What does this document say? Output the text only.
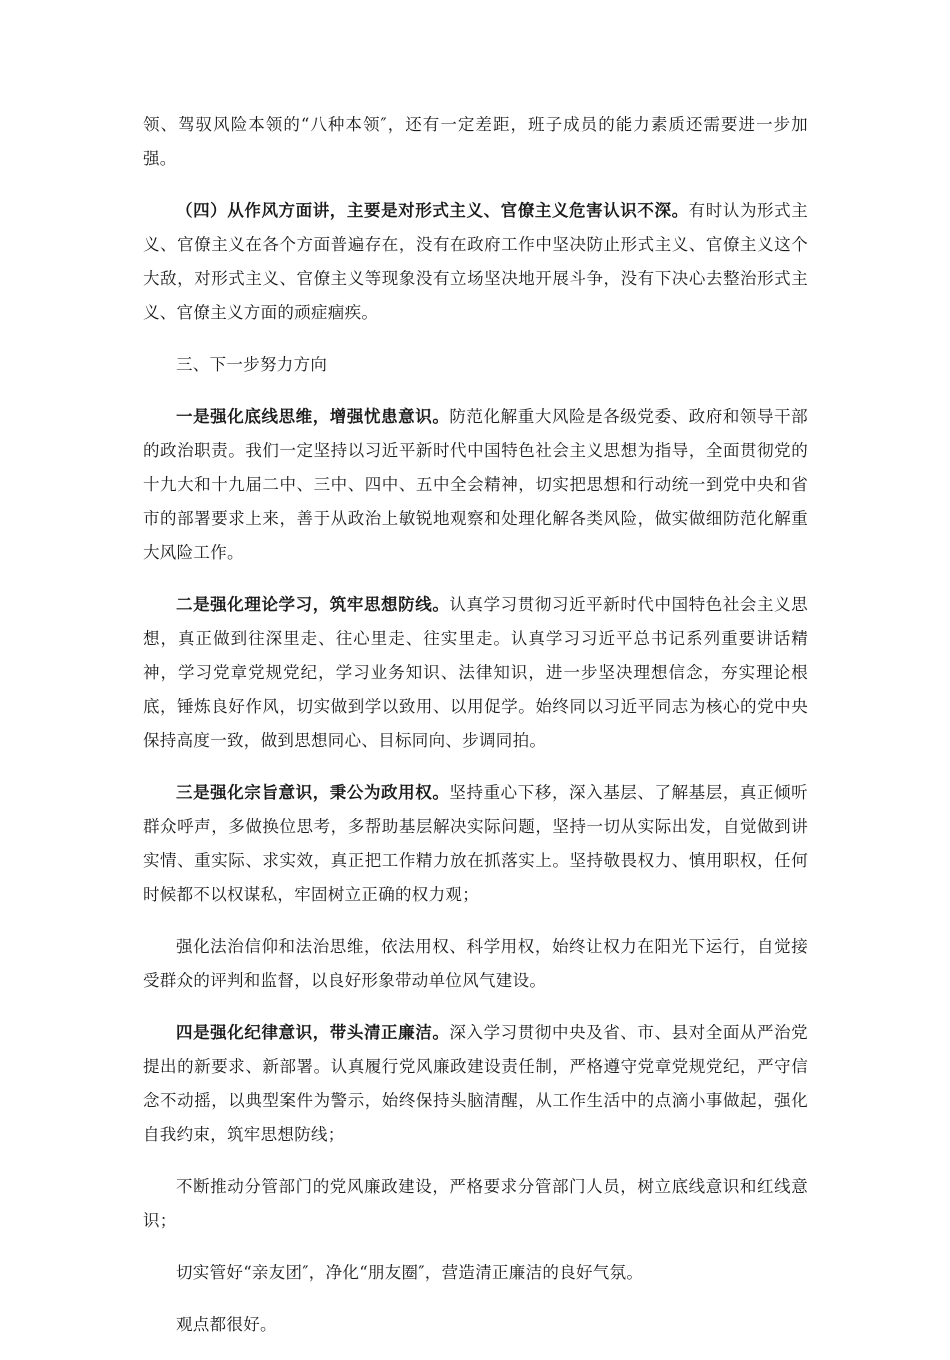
领、驾驭风险本领的“八种本领″，还有一定差距，班子成员的能力素质还需要进一步加强。

（四）从作风方面讲，主要是对形式主义、官僚主义危害认识不深。有时认为形式主义、官僚主义在各个方面普遍存在，没有在政府工作中坚决防止形式主义、官僚主义这个大敌，对形式主义、官僚主义等现象没有立场坚决地开展斗争，没有下决心去整治形式主义、官僚主义方面的顽症痼疾。

三、下一步努力方向

一是强化底线思维，增强忧患意识。防范化解重大风险是各级党委、政府和领导干部的政治职责。我们一定坚持以习近平新时代中国特色社会主义思想为指导，全面贯彻党的十九大和十九届二中、三中、四中、五中全会精神，切实把思想和行动统一到党中央和省市的部署要求上来，善于从政治上敏锐地观察和处理化解各类风险，做实做细防范化解重大风险工作。

二是强化理论学习，筑牢思想防线。认真学习贯彻习近平新时代中国特色社会主义思想，真正做到往深里走、往心里走、往实里走。认真学习习近平总书记系列重要讲话精神，学习党章党规党纪，学习业务知识、法律知识，进一步坚决理想信念，夯实理论根底，锤炼良好作风，切实做到学以致用、以用促学。始终同以习近平同志为核心的党中央保持高度一致，做到思想同心、目标同向、步调同拍。

三是强化宗旨意识，秉公为政用权。坚持重心下移，深入基层、了解基层，真正倾听群众呼声，多做换位思考，多帮助基层解决实际问题，坚持一切从实际出发，自觉做到讲实情、重实际、求实效，真正把工作精力放在抓落实上。坚持敬畏权力、慎用职权，任何时候都不以权谋私，牢固树立正确的权力观；

强化法治信仰和法治思维，依法用权、科学用权，始终让权力在阳光下运行，自觉接受群众的评判和监督，以良好形象带动单位风气建设。

四是强化纪律意识，带头清正廉洁。深入学习贯彻中央及省、市、县对全面从严治党提出的新要求、新部署。认真履行党风廉政建设责任制，严格遵守党章党规党纪，严守信念不动摇，以典型案件为警示，始终保持头脑清醒，从工作生活中的点滴小事做起，强化自我约束，筑牢思想防线；

不断推动分管部门的党风廉政建设，严格要求分管部门人员，树立底线意识和红线意识；

切实管好“亲友团″，净化“朋友圈″，营造清正廉洁的良好气氛。

观点都很好。
